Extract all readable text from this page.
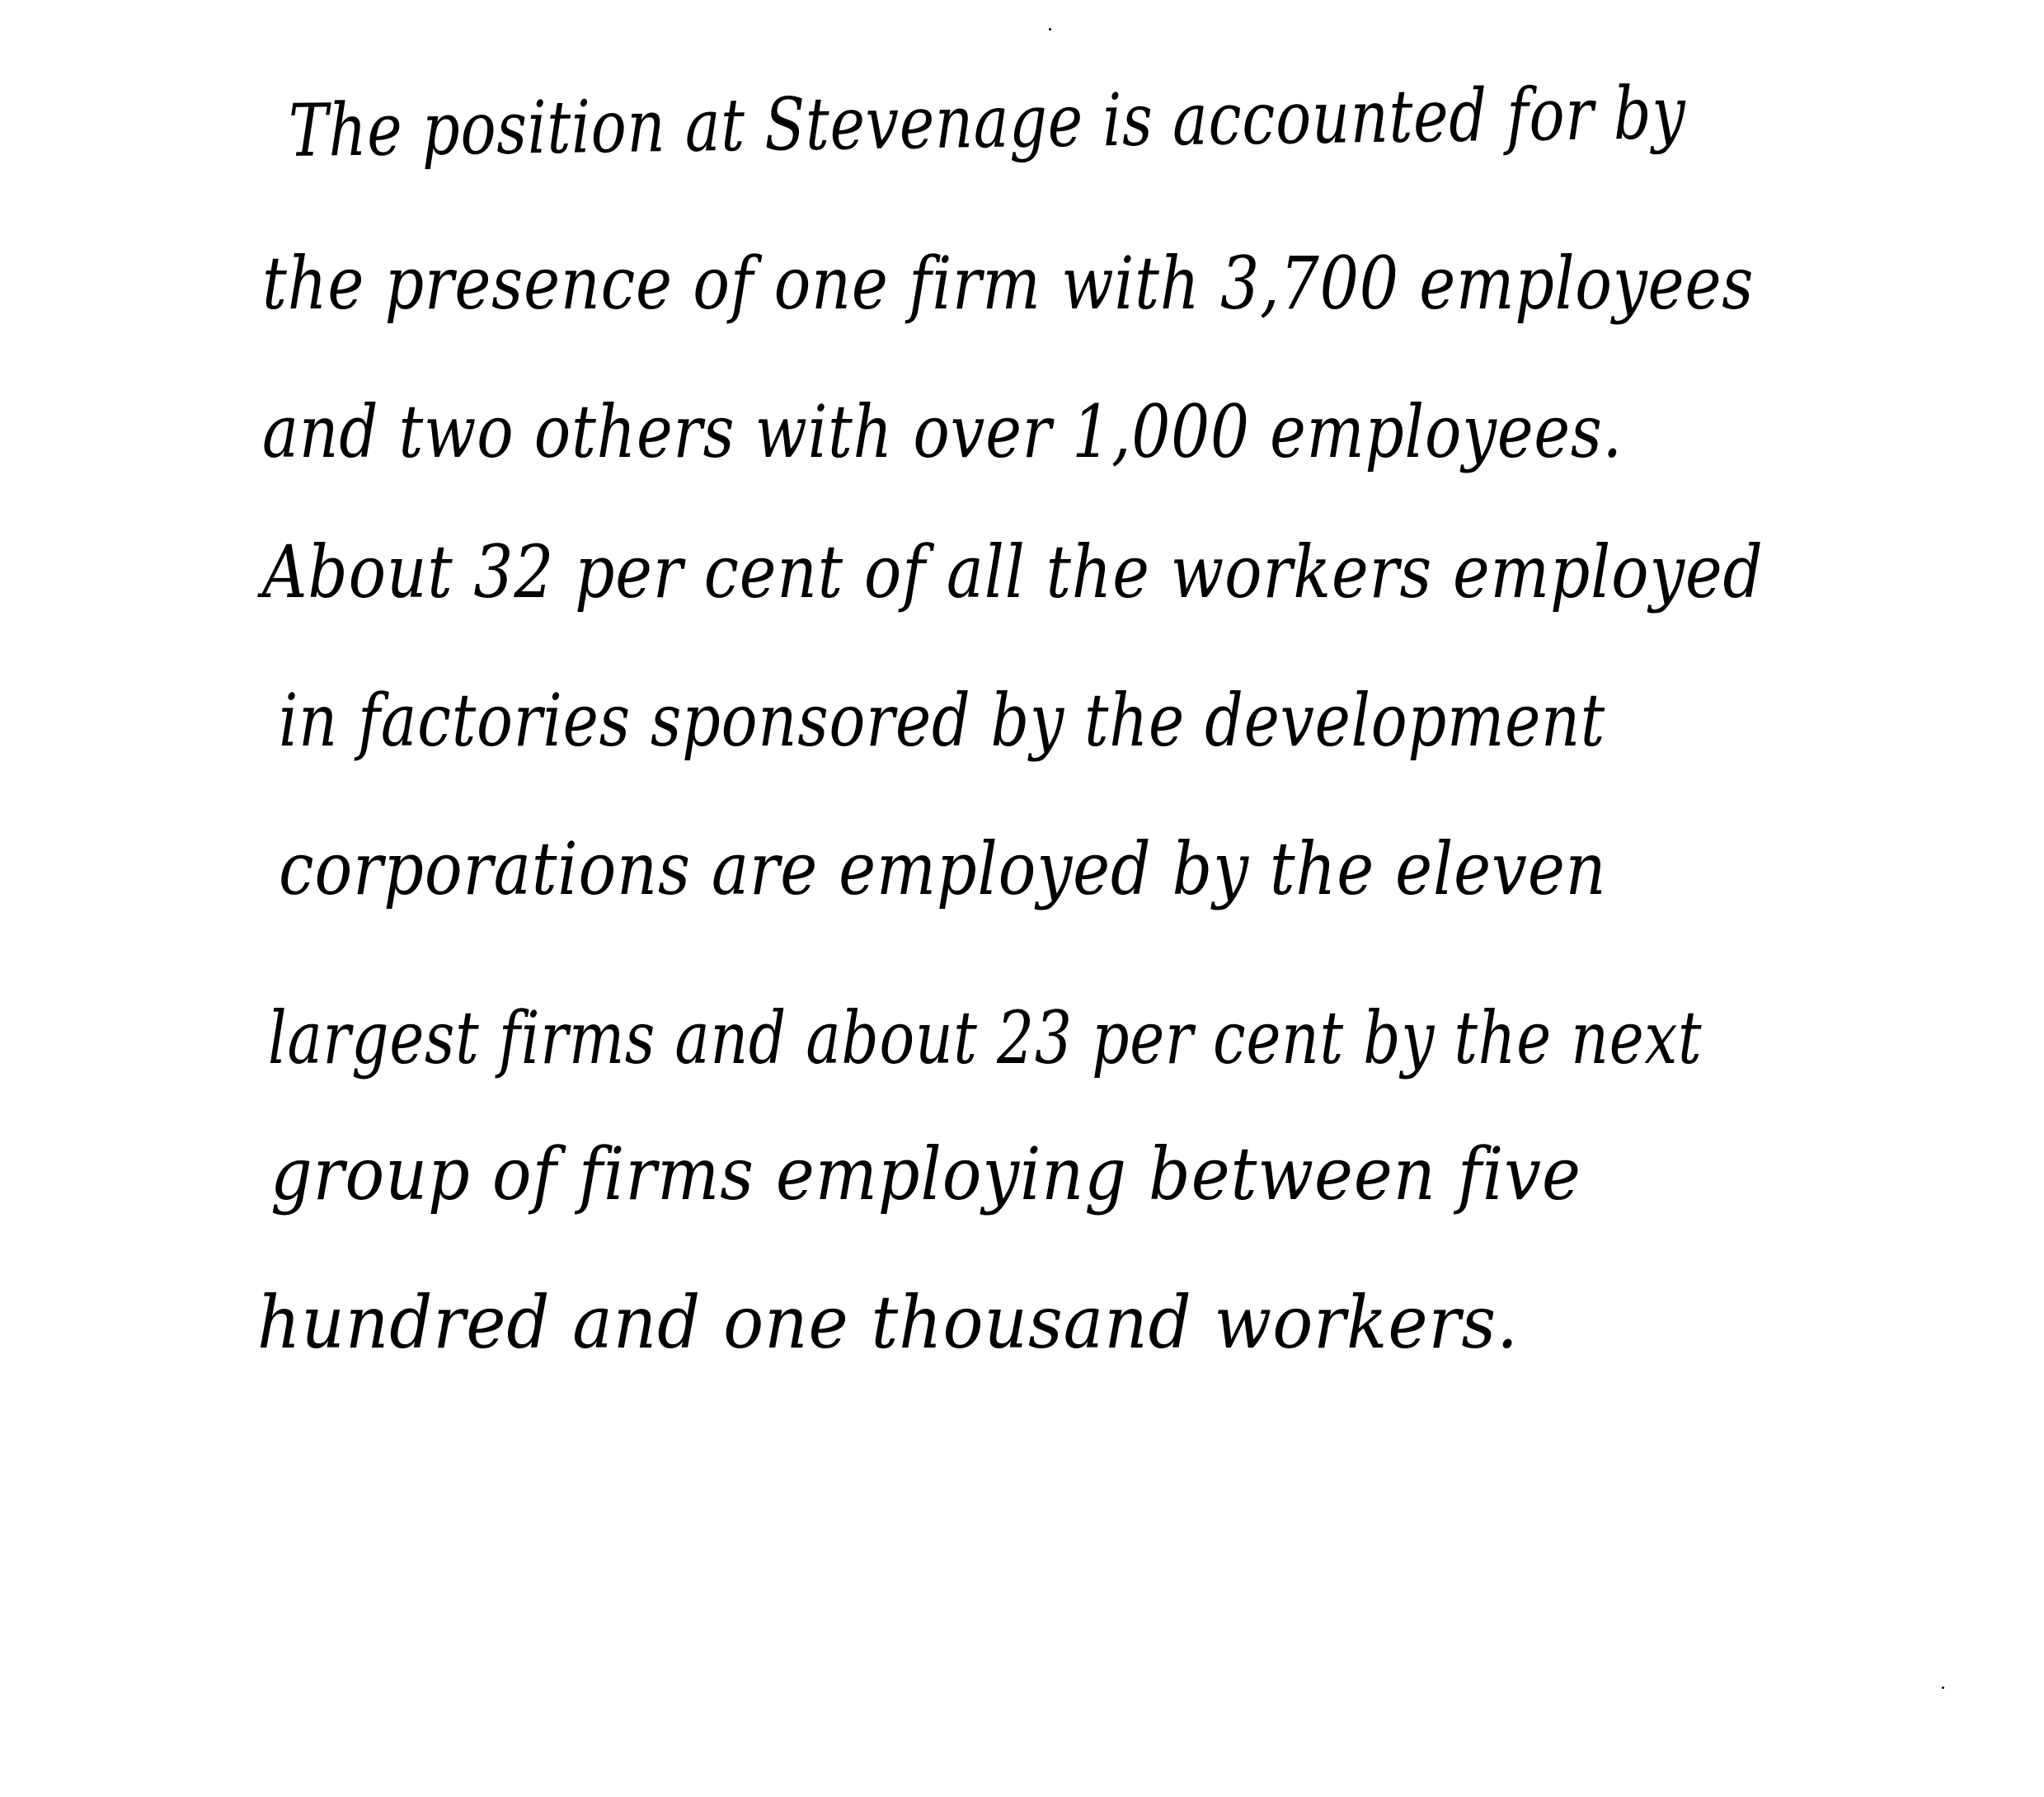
The position at Stevenage is accounted for by
the presence of one firm with 3,700 employees
and two others with over 1,000 employees.
About 32 per cent of all the workers employed
in factories sponsored by the development
corporations are employed by the eleven
largest firms and about 23 per cent by the next
group of firms employing between five
hundred and one thousand workers.
